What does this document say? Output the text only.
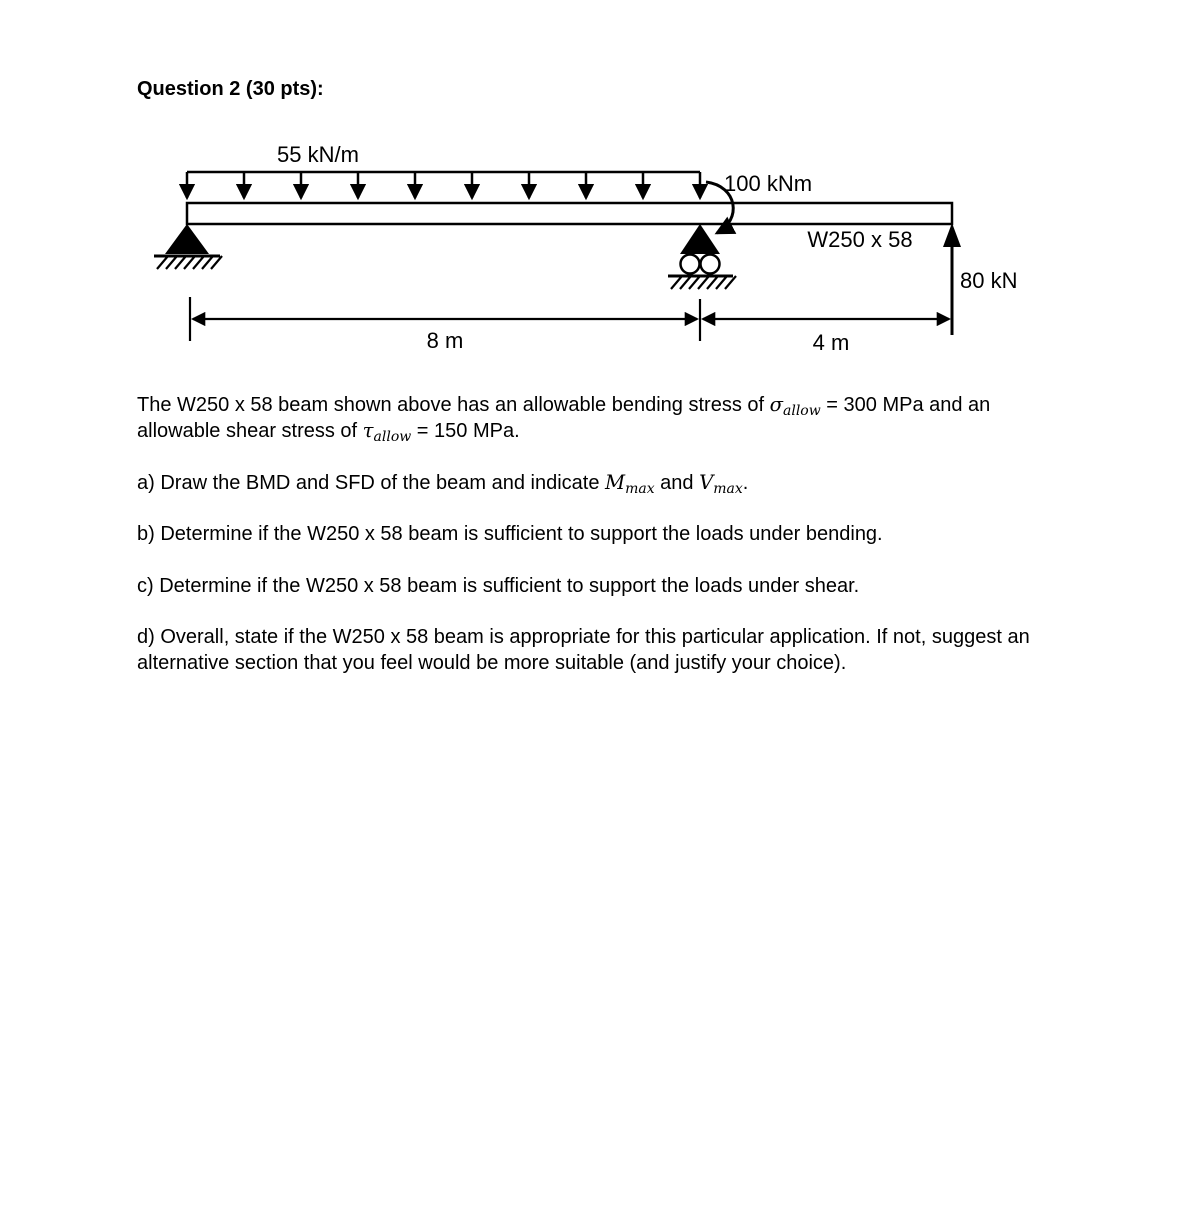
Question 2 (30 pts):
55 kN/m
100 kNm
W250 x 58
80 kN
8 m	4 m

The W250 x 58 beam shown above has an allowable bending stress of σallow = 300 MPa and an allowable shear stress of τallow = 150 MPa.

a) Draw the BMD and SFD of the beam and indicate Mmax and Vmax.

b) Determine if the W250 x 58 beam is sufficient to support the loads under bending.

c) Determine if the W250 x 58 beam is sufficient to support the loads under shear.

d) Overall, state if the W250 x 58 beam is appropriate for this particular application. If not, suggest an alternative section that you feel would be more suitable (and justify your choice).
